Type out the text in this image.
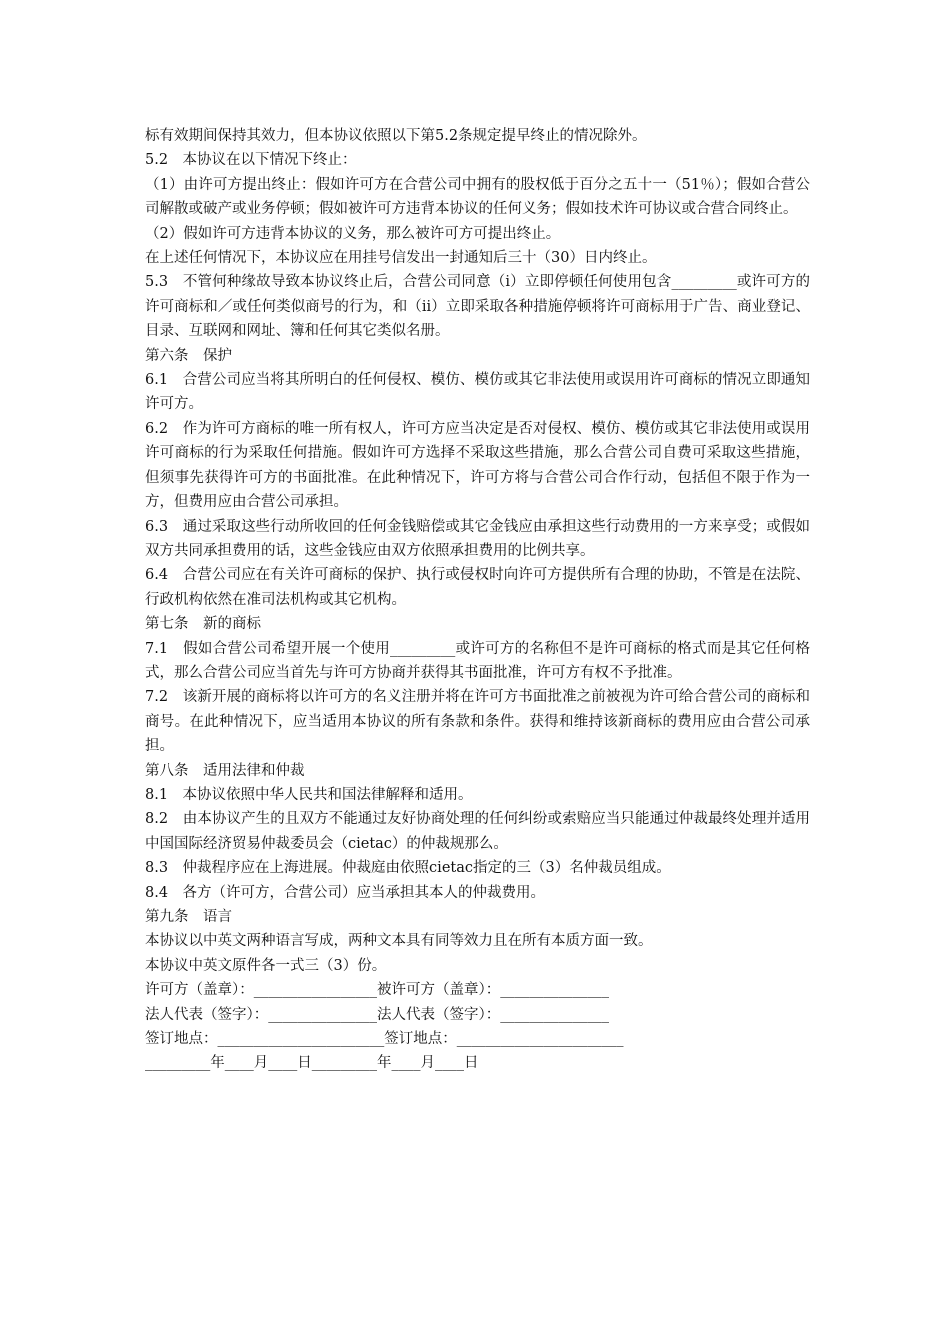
标有效期间保持其效力，但本协议依照以下第5.2条规定提早终止的情况除外。

5.2　本协议在以下情况下终止：

（1）由许可方提出终止：假如许可方在合营公司中拥有的股权低于百分之五十一（51％）；假如合营公司解散或破产或业务停顿；假如被许可方违背本协议的任何义务；假如技术许可协议或合营合同终止。

（2）假如许可方违背本协议的义务，那么被许可方可提出终止。

在上述任何情况下，本协议应在用挂号信发出一封通知后三十（30）日内终止。

5.3　不管何种缘故导致本协议终止后，合营公司同意（i）立即停顿任何使用包含_________或许可方的许可商标和／或任何类似商号的行为，和（ii）立即采取各种措施停顿将许可商标用于广告、商业登记、目录、互联网和网址、簿和任何其它类似名册。

第六条　保护

6.1　合营公司应当将其所明白的任何侵权、模仿、模仿或其它非法使用或误用许可商标的情况立即通知许可方。

6.2　作为许可方商标的唯一所有权人，许可方应当决定是否对侵权、模仿、模仿或其它非法使用或误用许可商标的行为采取任何措施。假如许可方选择不采取这些措施，那么合营公司自费可采取这些措施，但须事先获得许可方的书面批准。在此种情况下，许可方将与合营公司合作行动，包括但不限于作为一方，但费用应由合营公司承担。

6.3　通过采取这些行动所收回的任何金钱赔偿或其它金钱应由承担这些行动费用的一方来享受；或假如双方共同承担费用的话，这些金钱应由双方依照承担费用的比例共享。

6.4　合营公司应在有关许可商标的保护、执行或侵权时向许可方提供所有合理的协助，不管是在法院、行政机构依然在准司法机构或其它机构。

第七条　新的商标

7.1　假如合营公司希望开展一个使用_________或许可方的名称但不是许可商标的格式而是其它任何格式，那么合营公司应当首先与许可方协商并获得其书面批准，许可方有权不予批准。

7.2　该新开展的商标将以许可方的名义注册并将在许可方书面批准之前被视为许可给合营公司的商标和商号。在此种情况下，应当适用本协议的所有条款和条件。获得和维持该新商标的费用应由合营公司承担。

第八条　适用法律和仲裁

8.1　本协议依照中华人民共和国法律解释和适用。

8.2　由本协议产生的且双方不能通过友好协商处理的任何纠纷或索赔应当只能通过仲裁最终处理并适用中国国际经济贸易仲裁委员会（cietac）的仲裁规那么。

8.3　仲裁程序应在上海进展。仲裁庭由依照cietac指定的三（3）名仲裁员组成。

8.4　各方（许可方，合营公司）应当承担其本人的仲裁费用。

第九条　语言

本协议以中英文两种语言写成，两种文本具有同等效力且在所有本质方面一致。

本协议中英文原件各一式三（3）份。

许可方（盖章）：_________________被许可方（盖章）：_______________

法人代表（签字）：_______________法人代表（签字）：_______________

签订地点：_______________________签订地点：_______________________

_________年____月____日_________年____月____日
